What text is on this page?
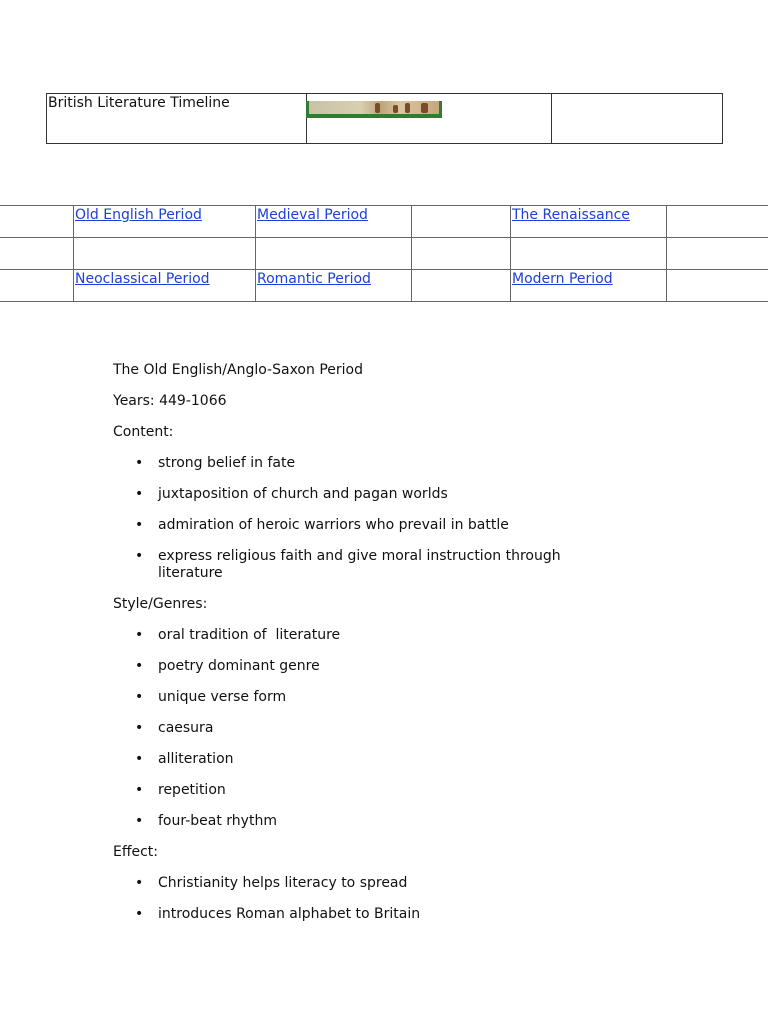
British Literature Timeline		
	Old English Period	Medieval Period		The Renaissance	

	Neoclassical Period	Romantic Period		Modern Period	

The Old English/Anglo-Saxon Period

Years: 449-1066

Content:

• strong belief in fate
• juxtaposition of church and pagan worlds
• admiration of heroic warriors who prevail in battle
• express religious faith and give moral instruction through literature

Style/Genres:

• oral tradition of  literature
• poetry dominant genre
• unique verse form
• caesura
• alliteration
• repetition
• four-beat rhythm

Effect:

• Christianity helps literacy to spread
• introduces Roman alphabet to Britain
